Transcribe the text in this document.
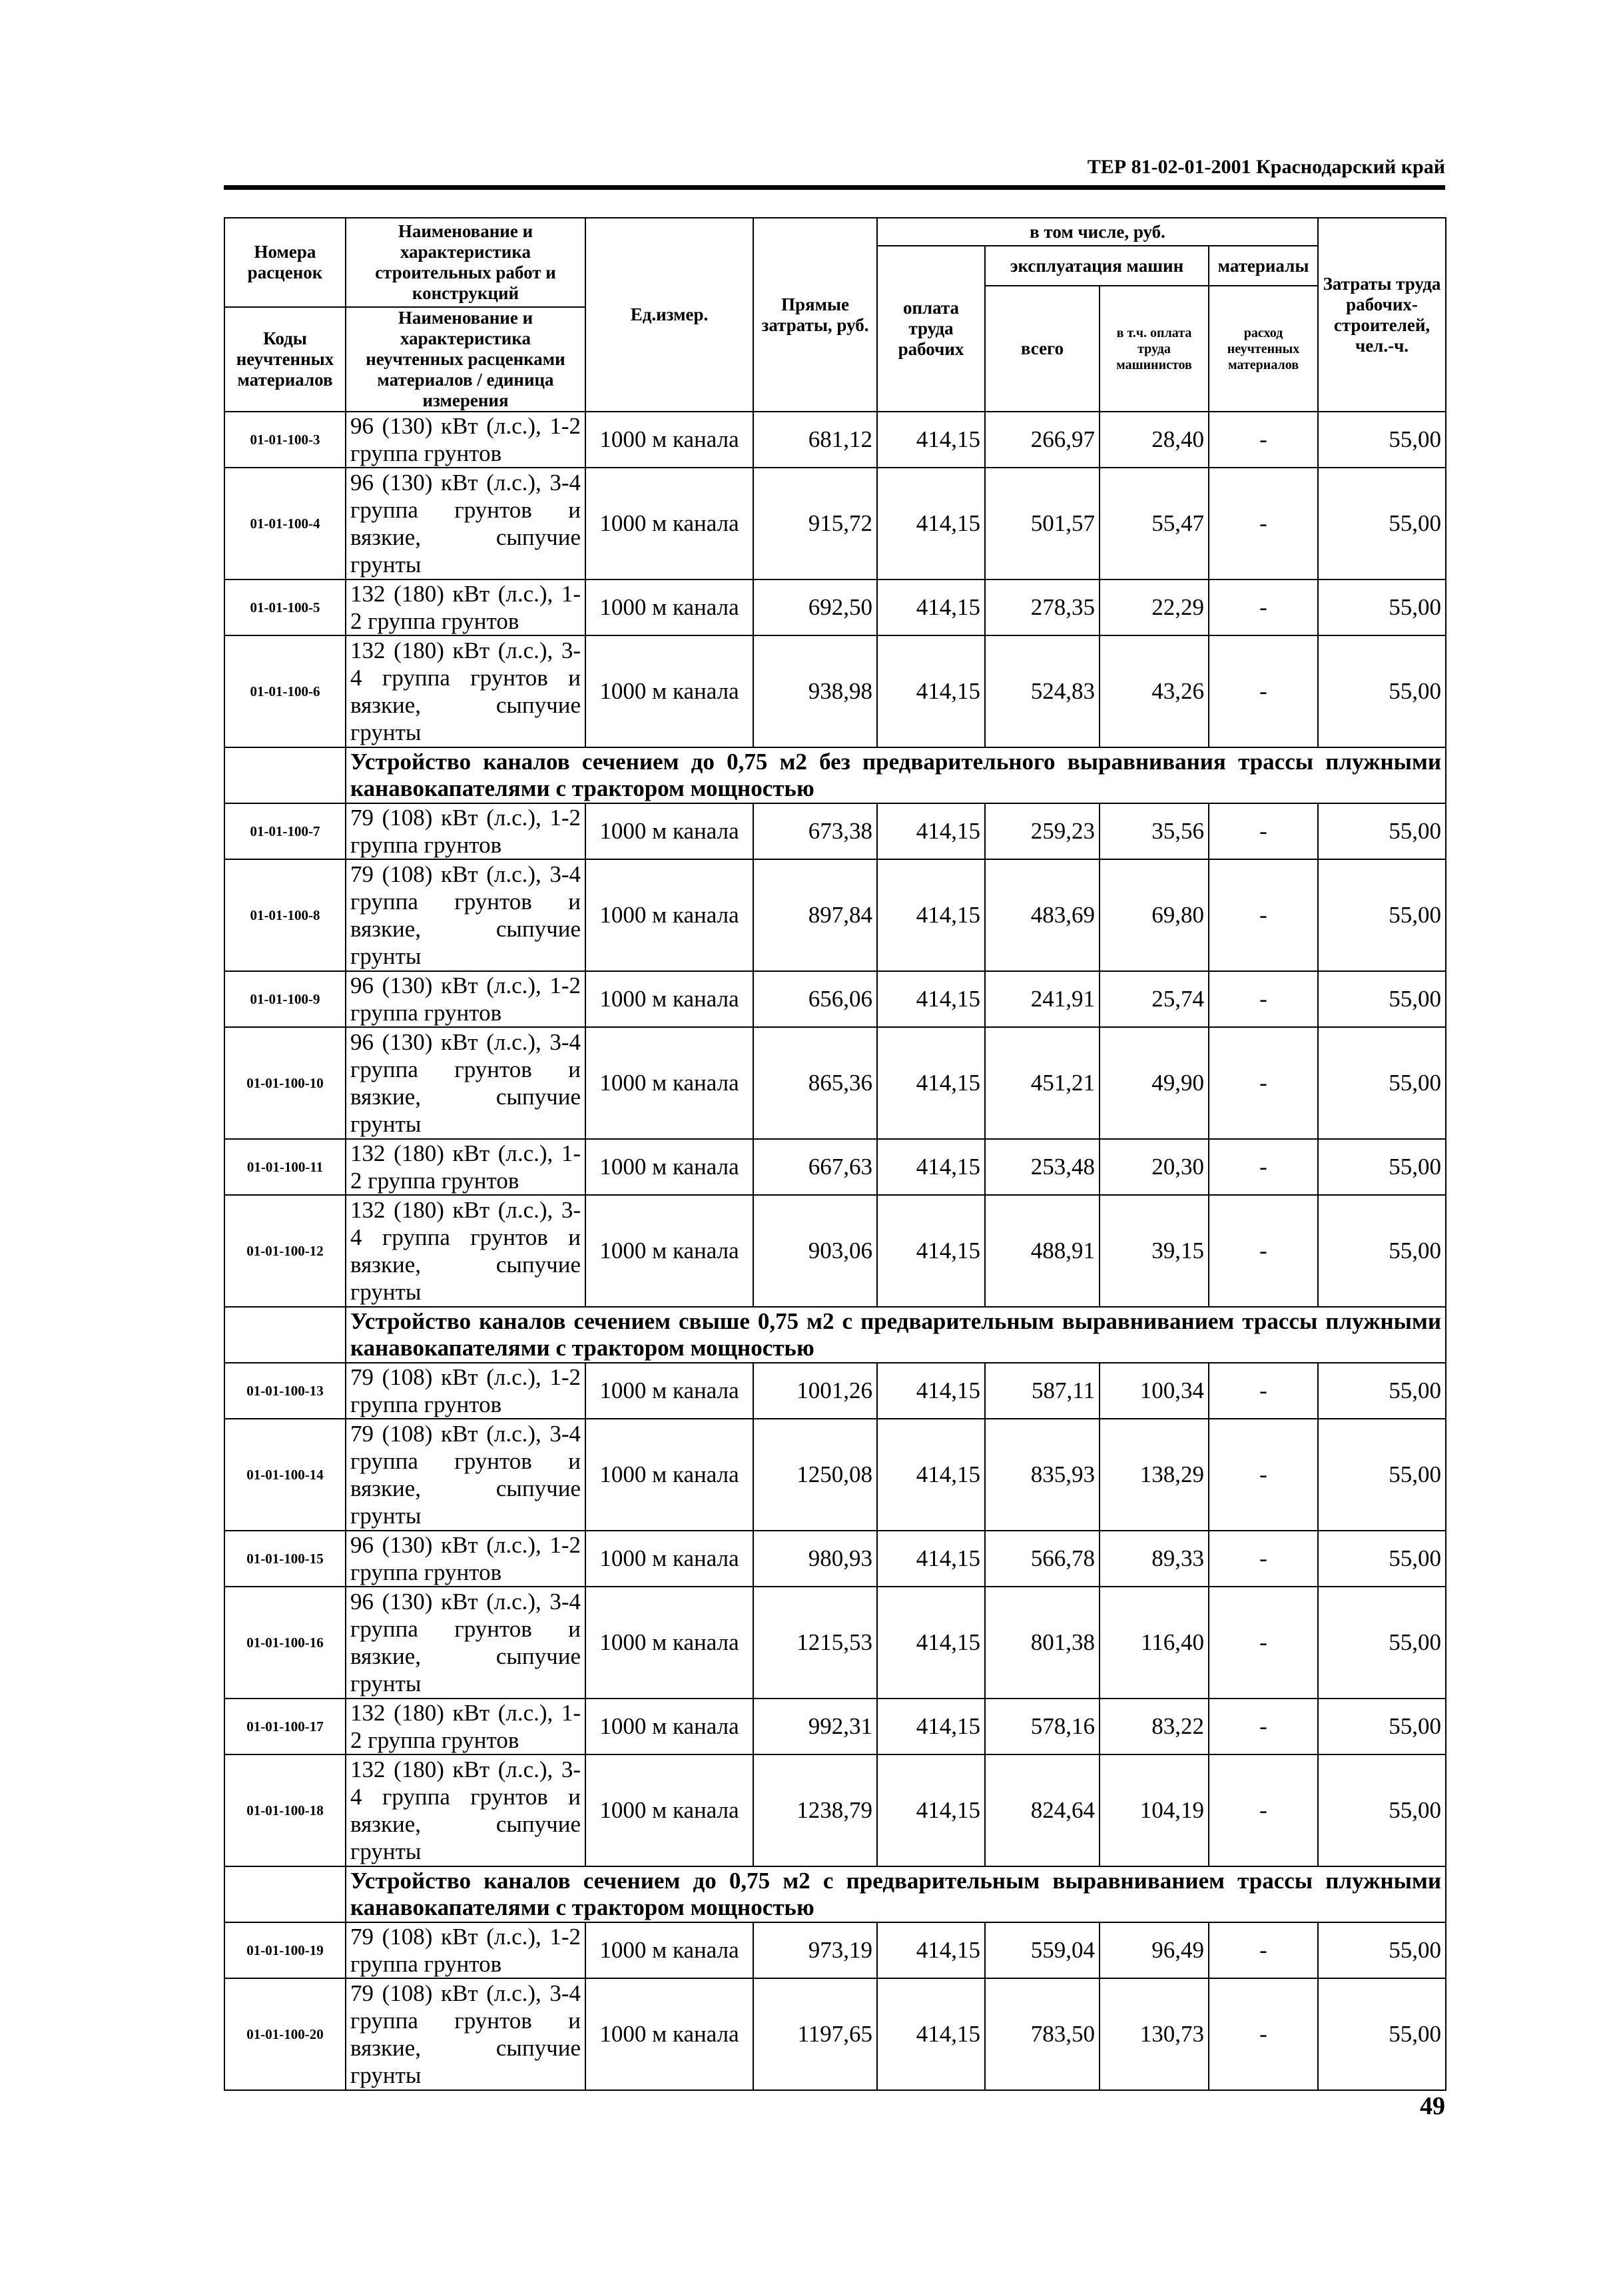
ТЕР 81-02-01-2001 Краснодарский край
Номера расценок	Наименование и характеристика строительных работ и конструкций	Ед.измер.	Прямые затраты, руб.	в том числе, руб.				Затраты труда рабочих-строителей, чел.-ч.
				оплата труда рабочих	эксплуатация машин		материалы	
					всего	в т.ч. оплата труда машинистов	расход неучтенных материалов	
Коды неучтенных материалов	Наименование и характеристика неучтенных расценками материалов / единица измерения							

01-01-100-3	96 (130) кВт (л.с.), 1-2 группа грунтов	1000 м канала	681,12	414,15	266,97	28,40	-	55,00
01-01-100-4	96 (130) кВт (л.с.), 3-4 группа грунтов и вязкие, сыпучие грунты	1000 м канала	915,72	414,15	501,57	55,47	-	55,00
01-01-100-5	132 (180) кВт (л.с.), 1-2 группа грунтов	1000 м канала	692,50	414,15	278,35	22,29	-	55,00
01-01-100-6	132 (180) кВт (л.с.), 3-4 группа грунтов и вязкие, сыпучие грунты	1000 м канала	938,98	414,15	524,83	43,26	-	55,00
	Устройство каналов сечением до 0,75 м2 без предварительного выравнивания трассы плужными канавокапателями с трактором мощностью							
01-01-100-7	79 (108) кВт (л.с.), 1-2 группа грунтов	1000 м канала	673,38	414,15	259,23	35,56	-	55,00
01-01-100-8	79 (108) кВт (л.с.), 3-4 группа грунтов и вязкие, сыпучие грунты	1000 м канала	897,84	414,15	483,69	69,80	-	55,00
01-01-100-9	96 (130) кВт (л.с.), 1-2 группа грунтов	1000 м канала	656,06	414,15	241,91	25,74	-	55,00
01-01-100-10	96 (130) кВт (л.с.), 3-4 группа грунтов и вязкие, сыпучие грунты	1000 м канала	865,36	414,15	451,21	49,90	-	55,00
01-01-100-11	132 (180) кВт (л.с.), 1-2 группа грунтов	1000 м канала	667,63	414,15	253,48	20,30	-	55,00
01-01-100-12	132 (180) кВт (л.с.), 3-4 группа грунтов и вязкие, сыпучие грунты	1000 м канала	903,06	414,15	488,91	39,15	-	55,00
	Устройство каналов сечением свыше 0,75 м2 с предварительным выравниванием трассы плужными канавокапателями с трактором мощностью							
01-01-100-13	79 (108) кВт (л.с.), 1-2 группа грунтов	1000 м канала	1001,26	414,15	587,11	100,34	-	55,00
01-01-100-14	79 (108) кВт (л.с.), 3-4 группа грунтов и вязкие, сыпучие грунты	1000 м канала	1250,08	414,15	835,93	138,29	-	55,00
01-01-100-15	96 (130) кВт (л.с.), 1-2 группа грунтов	1000 м канала	980,93	414,15	566,78	89,33	-	55,00
01-01-100-16	96 (130) кВт (л.с.), 3-4 группа грунтов и вязкие, сыпучие грунты	1000 м канала	1215,53	414,15	801,38	116,40	-	55,00
01-01-100-17	132 (180) кВт (л.с.), 1-2 группа грунтов	1000 м канала	992,31	414,15	578,16	83,22	-	55,00
01-01-100-18	132 (180) кВт (л.с.), 3-4 группа грунтов и вязкие, сыпучие грунты	1000 м канала	1238,79	414,15	824,64	104,19	-	55,00
	Устройство каналов сечением до 0,75 м2 с предварительным выравниванием трассы плужными канавокапателями с трактором мощностью							
01-01-100-19	79 (108) кВт (л.с.), 1-2 группа грунтов	1000 м канала	973,19	414,15	559,04	96,49	-	55,00
01-01-100-20	79 (108) кВт (л.с.), 3-4 группа грунтов и вязкие, сыпучие грунты	1000 м канала	1197,65	414,15	783,50	130,73	-	55,00
49
